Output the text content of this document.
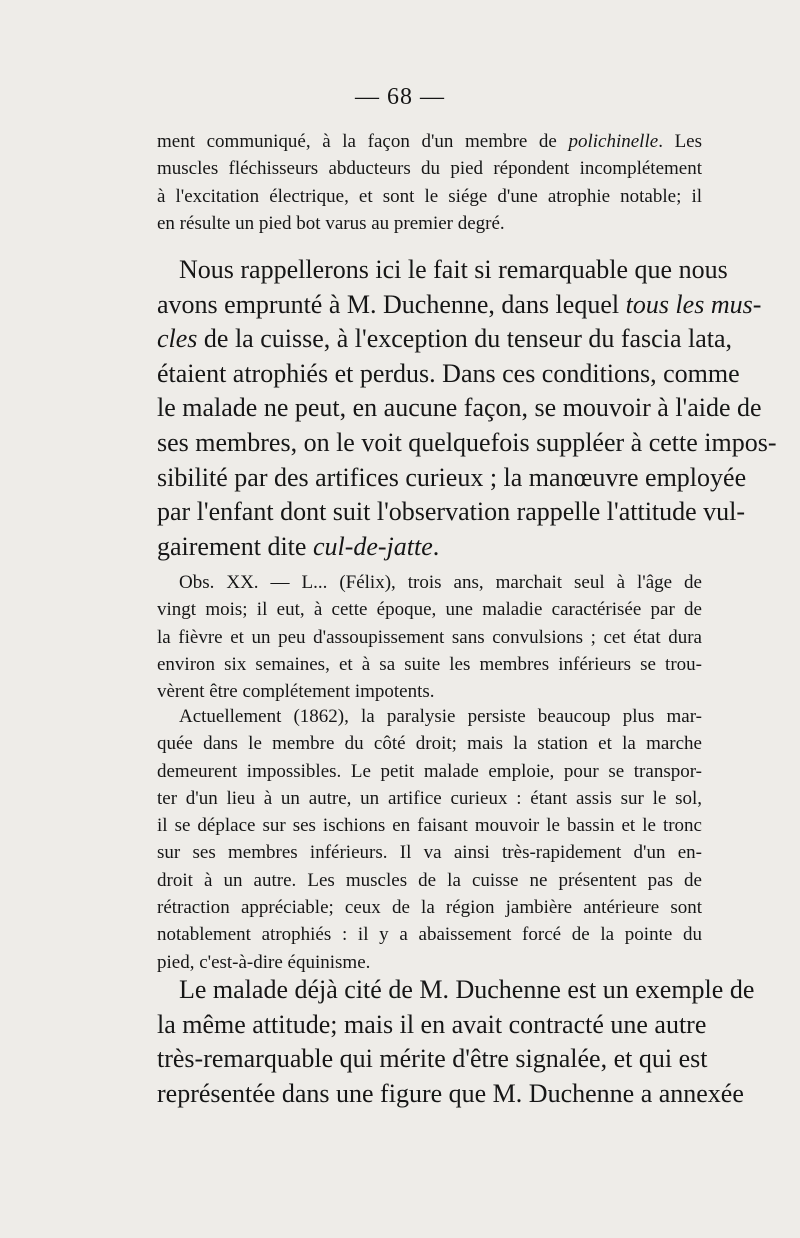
— 68 —
ment communiqué, à la façon d'un membre de polichinelle. Les
muscles fléchisseurs abducteurs du pied répondent incomplétement
à l'excitation électrique, et sont le siége d'une atrophie notable; il
en résulte un pied bot varus au premier degré.
Nous rappellerons ici le fait si remarquable que nous
avons emprunté à M. Duchenne, dans lequel tous les mus-
cles de la cuisse, à l'exception du tenseur du fascia lata,
étaient atrophiés et perdus. Dans ces conditions, comme
le malade ne peut, en aucune façon, se mouvoir à l'aide de
ses membres, on le voit quelquefois suppléer à cette impos-
sibilité par des artifices curieux ; la manœuvre employée
par l'enfant dont suit l'observation rappelle l'attitude vul-
gairement dite cul-de-jatte.
Obs. XX. — L... (Félix), trois ans, marchait seul à l'âge de
vingt mois; il eut, à cette époque, une maladie caractérisée par de
la fièvre et un peu d'assoupissement sans convulsions ; cet état dura
environ six semaines, et à sa suite les membres inférieurs se trou-
vèrent être complétement impotents.
Actuellement (1862), la paralysie persiste beaucoup plus mar-
quée dans le membre du côté droit; mais la station et la marche
demeurent impossibles. Le petit malade emploie, pour se transpor-
ter d'un lieu à un autre, un artifice curieux : étant assis sur le sol,
il se déplace sur ses ischions en faisant mouvoir le bassin et le tronc
sur ses membres inférieurs. Il va ainsi très-rapidement d'un en-
droit à un autre. Les muscles de la cuisse ne présentent pas de
rétraction appréciable; ceux de la région jambière antérieure sont
notablement atrophiés : il y a abaissement forcé de la pointe du
pied, c'est-à-dire équinisme.
Le malade déjà cité de M. Duchenne est un exemple de
la même attitude; mais il en avait contracté une autre
très-remarquable qui mérite d'être signalée, et qui est
représentée dans une figure que M. Duchenne a annexée
